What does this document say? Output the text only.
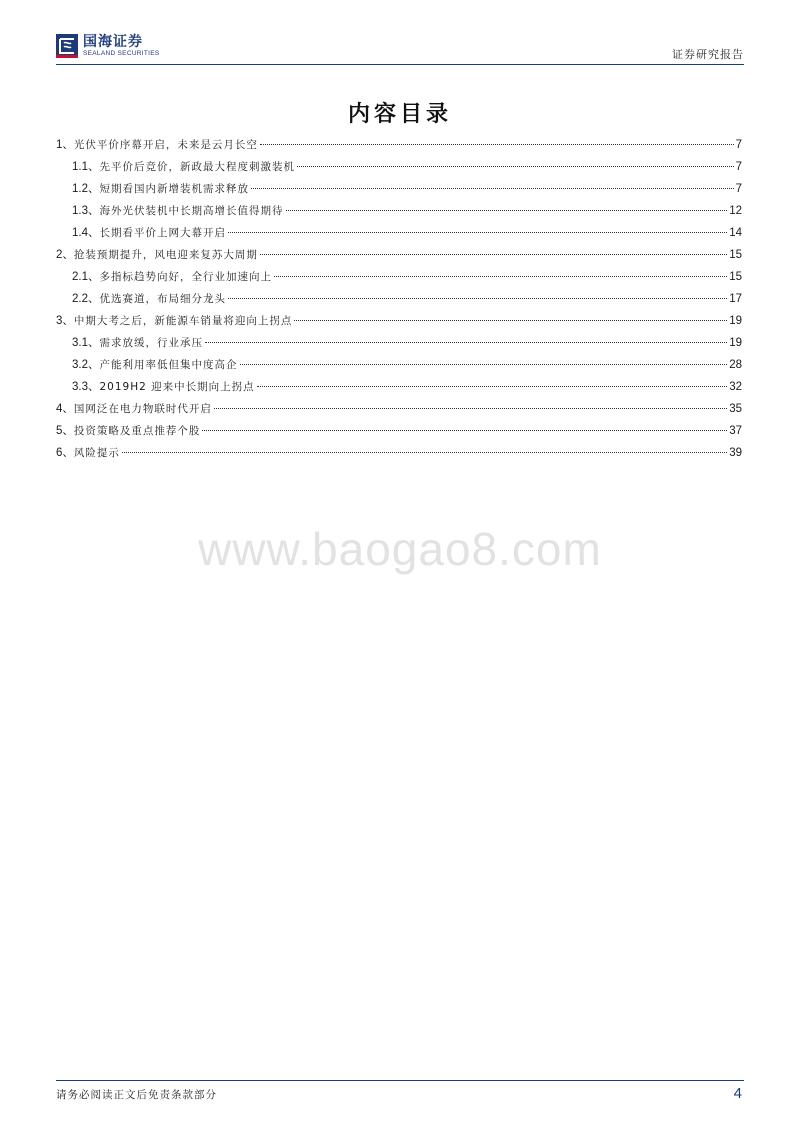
国海证券
SEALAND SECURITIES	证券研究报告
内容目录
1、 光伏平价序幕开启，未来是云月长空	7
1.1、 先平价后竞价，新政最大程度刺激装机	7
1.2、 短期看国内新增装机需求释放	7
1.3、 海外光伏装机中长期高增长值得期待	12
1.4、 长期看平价上网大幕开启	14
2、 抢装预期提升，风电迎来复苏大周期	15
2.1、 多指标趋势向好，全行业加速向上	15
2.2、 优选赛道，布局细分龙头	17
3、 中期大考之后，新能源车销量将迎向上拐点	19
3.1、 需求放缓，行业承压	19
3.2、 产能利用率低但集中度高企	28
3.3、 2019H2 迎来中长期向上拐点	32
4、 国网泛在电力物联时代开启	35
5、 投资策略及重点推荐个股	37
6、 风险提示	39
www.baogao8.com
请务必阅读正文后免责条款部分	4
